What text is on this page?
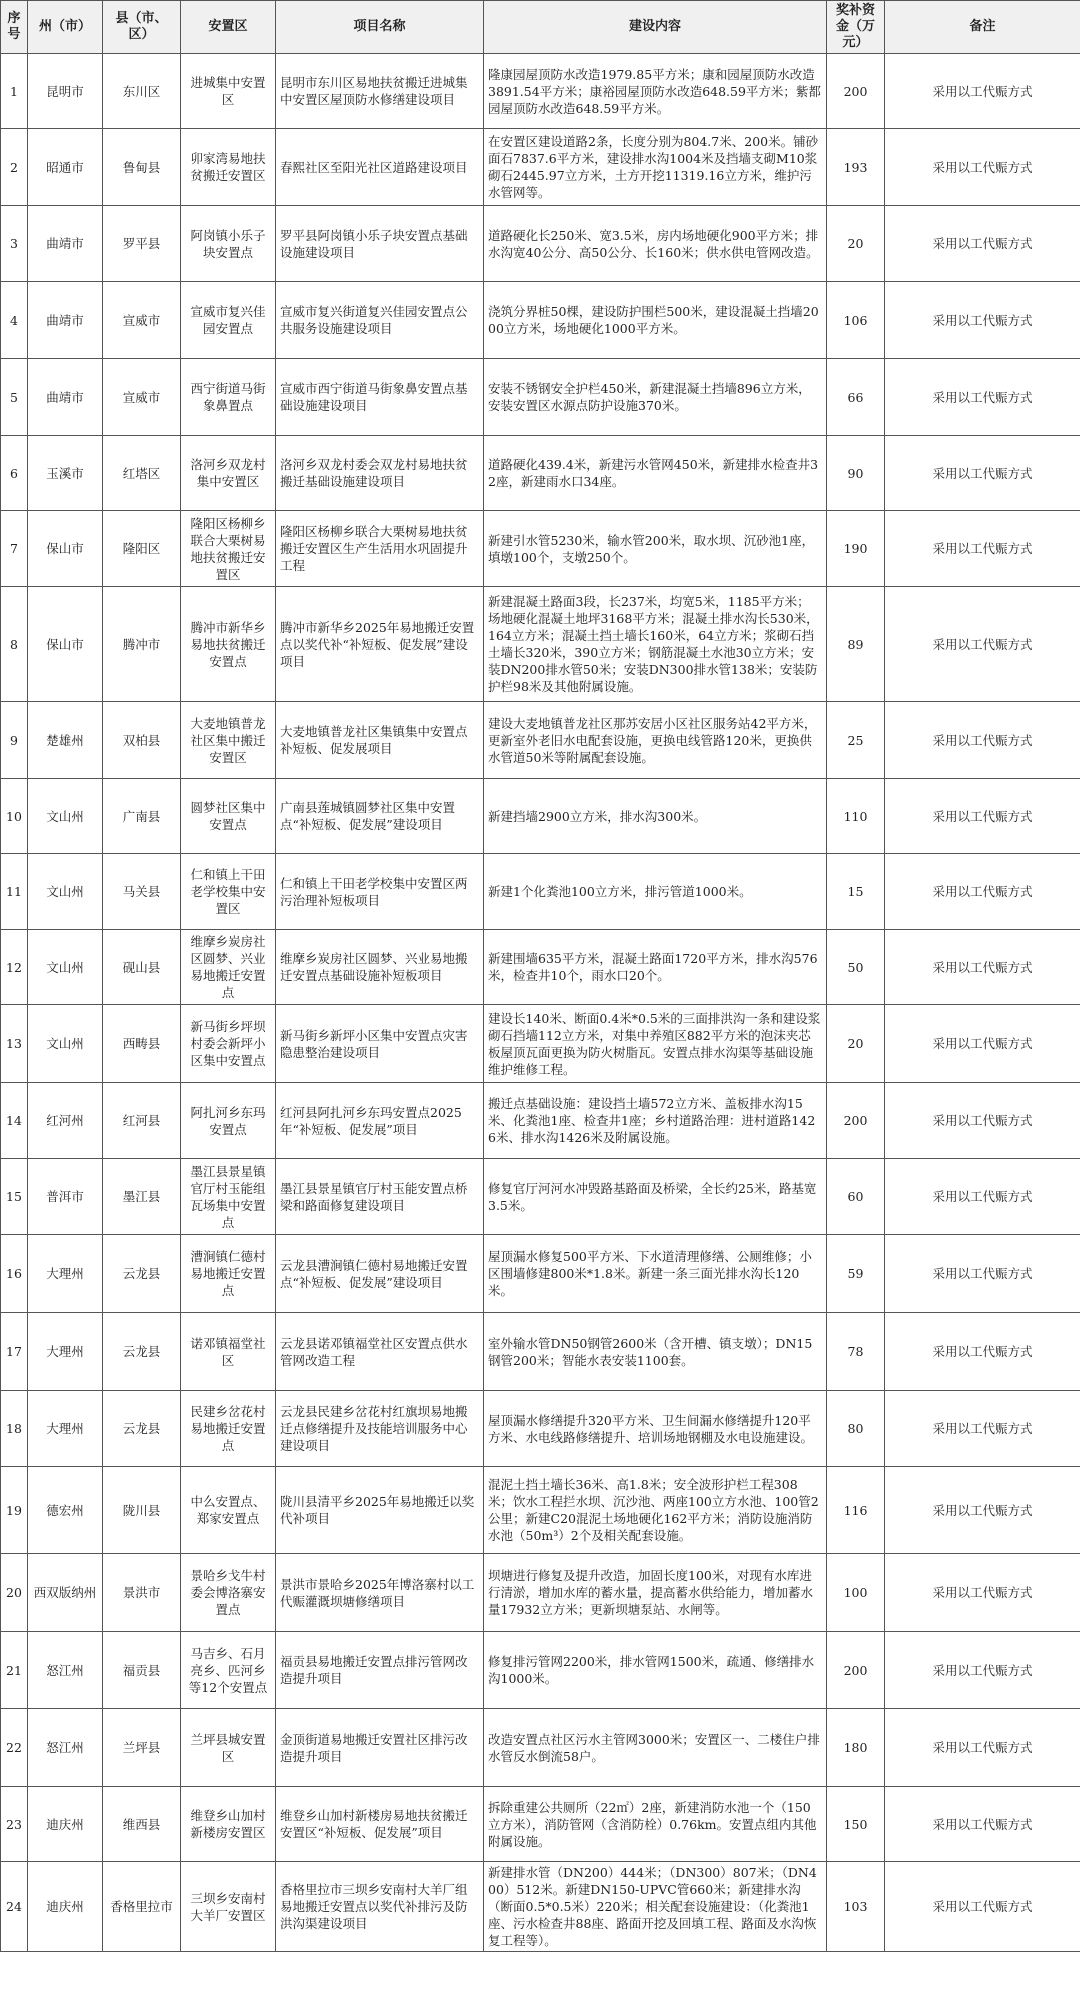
序号	州（市）	县（市、区）	安置区	项目名称	建设内容	奖补资金（万元）	备注
1	昆明市	东川区	进城集中安置区	昆明市东川区易地扶贫搬迁进城集中安置区屋顶防水修缮建设项目	隆康园屋顶防水改造1979.85平方米；康和园屋顶防水改造3891.54平方米；康裕园屋顶防水改造648.59平方米；紫都园屋顶防水改造648.59平方米。	200	采用以工代赈方式
2	昭通市	鲁甸县	卯家湾易地扶贫搬迁安置区	春熙社区至阳光社区道路建设项目	在安置区建设道路2条，长度分别为804.7米、200米。铺砂面石7837.6平方米，建设排水沟1004米及挡墙支砌M10浆砌石2445.97立方米，土方开挖11319.16立方米，维护污水管网等。	193	采用以工代赈方式
3	曲靖市	罗平县	阿岗镇小乐子块安置点	罗平县阿岗镇小乐子块安置点基础设施建设项目	道路硬化长250米、宽3.5米，房内场地硬化900平方米；排水沟宽40公分、高50公分、长160米；供水供电管网改造。	20	采用以工代赈方式
4	曲靖市	宣威市	宣威市复兴佳园安置点	宣威市复兴街道复兴佳园安置点公共服务设施建设项目	浇筑分界桩50棵，建设防护围栏500米，建设混凝土挡墙2000立方米，场地硬化1000平方米。	106	采用以工代赈方式
5	曲靖市	宣威市	西宁街道马街象鼻置点	宣威市西宁街道马街象鼻安置点基础设施建设项目	安装不锈钢安全护栏450米，新建混凝土挡墙896立方米，安装安置区水源点防护设施370米。	66	采用以工代赈方式
6	玉溪市	红塔区	洛河乡双龙村集中安置区	洛河乡双龙村委会双龙村易地扶贫搬迁基础设施建设项目	道路硬化439.4米，新建污水管网450米，新建排水检查井32座，新建雨水口34座。	90	采用以工代赈方式
7	保山市	隆阳区	隆阳区杨柳乡联合大栗树易地扶贫搬迁安置区	隆阳区杨柳乡联合大栗树易地扶贫搬迁安置区生产生活用水巩固提升工程	新建引水管5230米，输水管200米，取水坝、沉砂池1座，填墩100个，支墩250个。	190	采用以工代赈方式
8	保山市	腾冲市	腾冲市新华乡易地扶贫搬迁安置点	腾冲市新华乡2025年易地搬迁安置点以奖代补“补短板、促发展”建设项目	新建混凝土路面3段，长237米，均宽5米，1185平方米；场地硬化混凝土地坪3168平方米；混凝土排水沟长530米，164立方米；混凝土挡土墙长160米，64立方米；浆砌石挡土墙长320米，390立方米；钢筋混凝土水池30立方米；安装DN200排水管50米；安装DN300排水管138米；安装防护栏98米及其他附属设施。	89	采用以工代赈方式
9	楚雄州	双柏县	大麦地镇普龙社区集中搬迁安置区	大麦地镇普龙社区集镇集中安置点补短板、促发展项目	建设大麦地镇普龙社区那苏安居小区社区服务站42平方米，更新室外老旧水电配套设施，更换电线管路120米，更换供水管道50米等附属配套设施。	25	采用以工代赈方式
10	文山州	广南县	圆梦社区集中安置点	广南县莲城镇圆梦社区集中安置点“补短板、促发展”建设项目	新建挡墙2900立方米，排水沟300米。	110	采用以工代赈方式
11	文山州	马关县	仁和镇上干田老学校集中安置区	仁和镇上干田老学校集中安置区两污治理补短板项目	新建1个化粪池100立方米，排污管道1000米。	15	采用以工代赈方式
12	文山州	砚山县	维摩乡炭房社区圆梦、兴业易地搬迁安置点	维摩乡炭房社区圆梦、兴业易地搬迁安置点基础设施补短板项目	新建围墙635平方米，混凝土路面1720平方米，排水沟576米，检查井10个，雨水口20个。	50	采用以工代赈方式
13	文山州	西畴县	新马街乡坪坝村委会新坪小区集中安置点	新马街乡新坪小区集中安置点灾害隐患整治建设项目	建设长140米、断面0.4米*0.5米的三面排洪沟一条和建设浆砌石挡墙112立方米，对集中养殖区882平方米的泡沫夹芯板屋顶瓦面更换为防火树脂瓦。安置点排水沟渠等基础设施维护维修工程。	20	采用以工代赈方式
14	红河州	红河县	阿扎河乡东玛安置点	红河县阿扎河乡东玛安置点2025年“补短板、促发展”项目	搬迁点基础设施：建设挡土墙572立方米、盖板排水沟15米、化粪池1座、检查井1座；乡村道路治理：进村道路1426米、排水沟1426米及附属设施。	200	采用以工代赈方式
15	普洱市	墨江县	墨江县景星镇官厅村玉能组瓦场集中安置点	墨江县景星镇官厅村玉能安置点桥梁和路面修复建设项目	修复官厅河河水冲毁路基路面及桥梁，全长约25米，路基宽3.5米。	60	采用以工代赈方式
16	大理州	云龙县	漕涧镇仁德村易地搬迁安置点	云龙县漕涧镇仁德村易地搬迁安置点“补短板、促发展”建设项目	屋顶漏水修复500平方米、下水道清理修缮、公厕维修；小区围墙修建800米*1.8米。新建一条三面光排水沟长120米。	59	采用以工代赈方式
17	大理州	云龙县	诺邓镇福堂社区	云龙县诺邓镇福堂社区安置点供水管网改造工程	室外输水管DN50钢管2600米（含开槽、镇支墩）；DN15钢管200米；智能水表安装1100套。	78	采用以工代赈方式
18	大理州	云龙县	民建乡岔花村易地搬迁安置点	云龙县民建乡岔花村红旗坝易地搬迁点修缮提升及技能培训服务中心建设项目	屋顶漏水修缮提升320平方米、卫生间漏水修缮提升120平方米、水电线路修缮提升、培训场地钢棚及水电设施建设。	80	采用以工代赈方式
19	德宏州	陇川县	中么安置点、郑家安置点	陇川县清平乡2025年易地搬迁以奖代补项目	混泥土挡土墙长36米、高1.8米；安全波形护栏工程308米；饮水工程拦水坝、沉沙池、两座100立方水池、100管2公里；新建C20混泥土场地硬化162平方米；消防设施消防水池（50m³）2个及相关配套设施。	116	采用以工代赈方式
20	西双版纳州	景洪市	景哈乡戈牛村委会博洛寨安置点	景洪市景哈乡2025年博洛寨村以工代赈灌溉坝塘修缮项目	坝塘进行修复及提升改造，加固长度100米，对现有水库进行清淤，增加水库的蓄水量，提高蓄水供给能力，增加蓄水量17932立方米；更新坝塘泵站、水闸等。	100	采用以工代赈方式
21	怒江州	福贡县	马吉乡、石月亮乡、匹河乡等12个安置点	福贡县易地搬迁安置点排污管网改造提升项目	修复排污管网2200米，排水管网1500米，疏通、修缮排水沟1000米。	200	采用以工代赈方式
22	怒江州	兰坪县	兰坪县城安置区	金顶街道易地搬迁安置社区排污改造提升项目	改造安置点社区污水主管网3000米；安置区一、二楼住户排水管反水倒流58户。	180	采用以工代赈方式
23	迪庆州	维西县	维登乡山加村新楼房安置区	维登乡山加村新楼房易地扶贫搬迁安置区“补短板、促发展”项目	拆除重建公共厕所（22㎡）2座，新建消防水池一个（150立方米），消防管网（含消防栓）0.76km。安置点组内其他附属设施。	150	采用以工代赈方式
24	迪庆州	香格里拉市	三坝乡安南村大羊厂安置区	香格里拉市三坝乡安南村大羊厂组易地搬迁安置点以奖代补排污及防洪沟渠建设项目	新建排水管（DN200）444米；（DN300）807米；（DN400）512米。新建DN150-UPVC管660米；新建排水沟（断面0.5*0.5米）220米；相关配套设施建设：（化粪池1座、污水检查井88座、路面开挖及回填工程、路面及水沟恢复工程等）。	103	采用以工代赈方式
